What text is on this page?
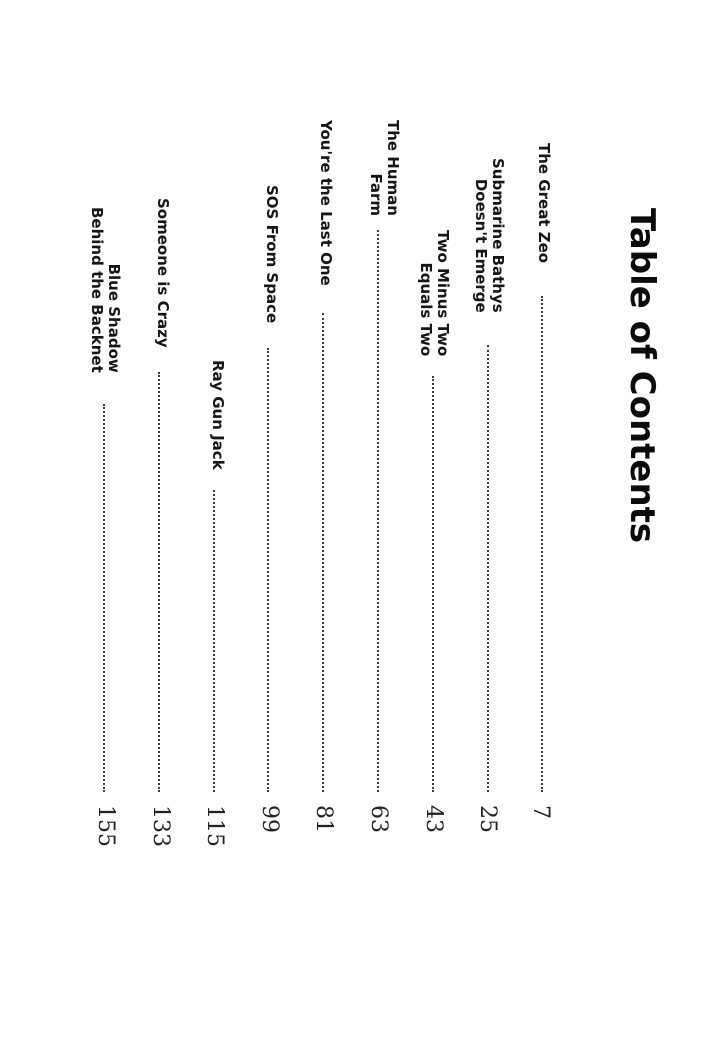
Table of Contents
The Great Zeo
7
Submarine Bathys
Doesn't Emerge
25
Two Minus Two
Equals Two
43
The Human
Farm
63
You're the Last One
81
SOS From Space
99
Ray Gun Jack
115
Someone is Crazy
133
Blue Shadow
Behind the Backnet
155
